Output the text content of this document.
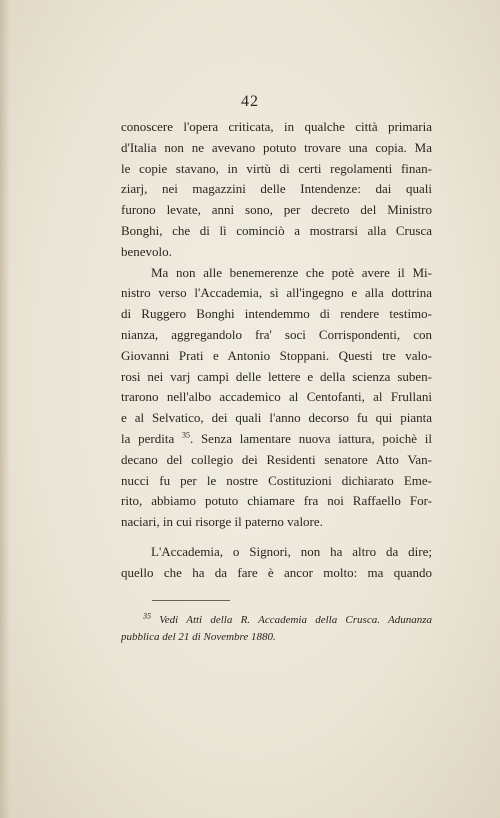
42
conoscere l'opera criticata, in qualche città primaria
d'Italia non ne avevano potuto trovare una copia. Ma
le copie stavano, in virtù di certi regolamenti finan-
ziarj, nei magazzini delle Intendenze: dai quali
furono levate, anni sono, per decreto del Ministro
Bonghi, che di lì cominciò a mostrarsi alla Crusca
benevolo.
Ma non alle benemerenze che potè avere il Mi-
nistro verso l'Accademia, sì all'ingegno e alla dottrina
di Ruggero Bonghi intendemmo di rendere testimo-
nianza, aggregandolo fra' soci Corrispondenti, con
Giovanni Prati e Antonio Stoppani. Questi tre valo-
rosi nei varj campi delle lettere e della scienza suben-
trarono nell'albo accademico al Centofanti, al Frullani
e al Selvatico, dei quali l'anno decorso fu qui pianta
la perdita $^{35}$. Senza lamentare nuova iattura, poichè il
decano del collegio dei Residenti senatore Atto Van-
nucci fu per le nostre Costituzioni dichiarato Eme-
rito, abbiamo potuto chiamare fra noi Raffaello For-
naciari, in cui risorge il paterno valore.
L'Accademia, o Signori, non ha altro da dire;
quello che ha da fare è ancor molto: ma quando
$^{35}$ Vedi Atti della R. Accademia della Crusca. Adunanza
pubblica del 21 di Novembre 1880.
